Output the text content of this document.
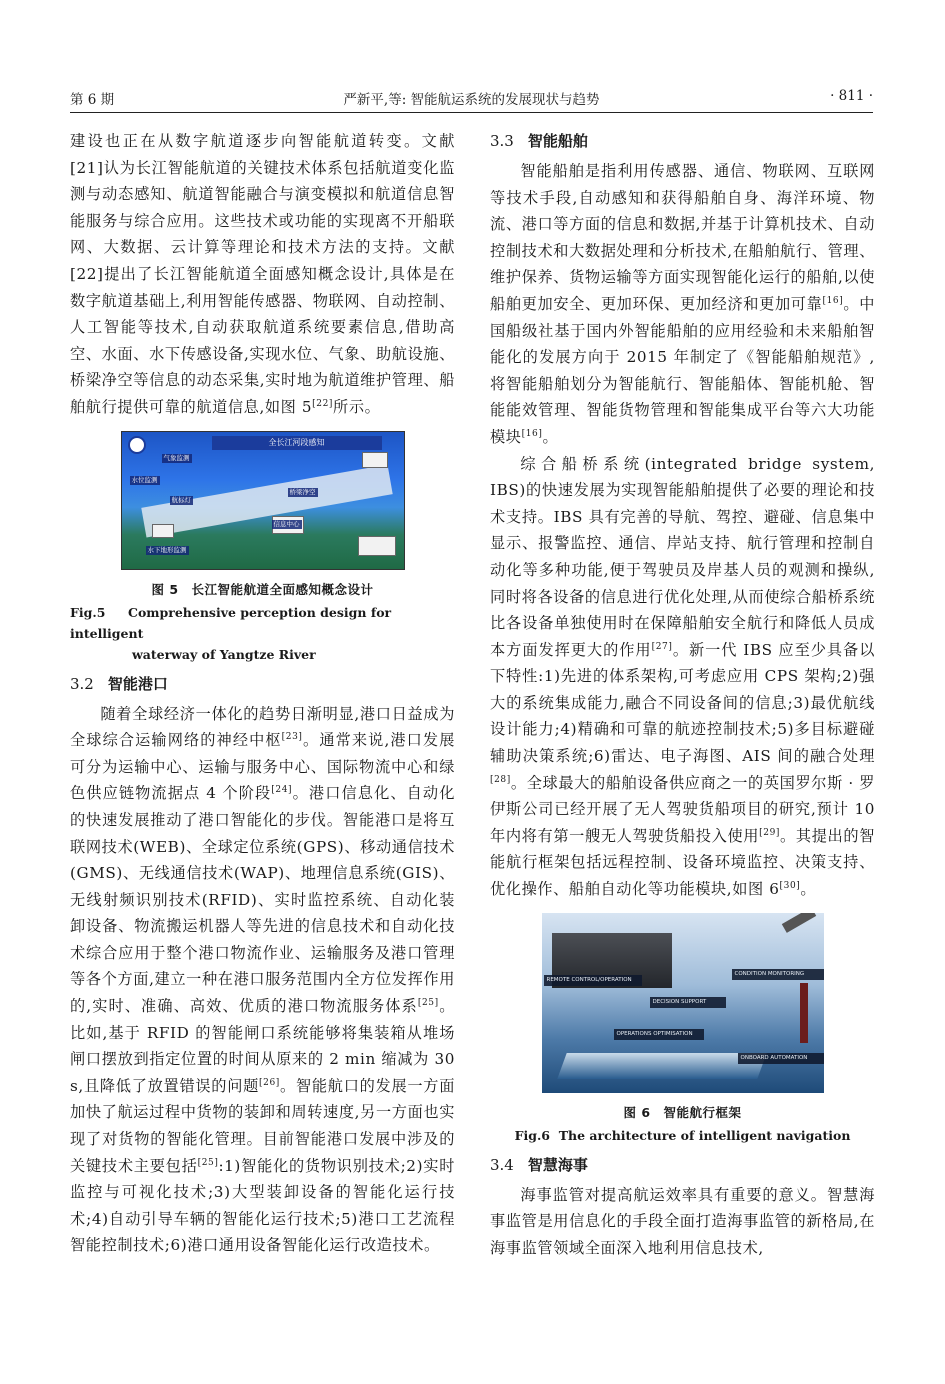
第 6 期	严新平,等: 智能航运系统的发展现状与趋势	· 811 ·

建设也正在从数字航道逐步向智能航道转变。文献 [21]认为长江智能航道的关键技术体系包括航道变化监测与动态感知、航道智能融合与演变模拟和航道信息智能服务与综合应用。这些技术或功能的实现离不开船联网、大数据、云计算等理论和技术方法的支持。文献[22]提出了长江智能航道全面感知概念设计,具体是在数字航道基础上,利用智能传感器、物联网、自动控制、人工智能等技术,自动获取航道系统要素信息,借助高空、水面、水下传感设备,实现水位、气象、助航设施、桥梁净空等信息的动态采集,实时地为航道维护管理、船舶航行提供可靠的航道信息,如图 5[22]所示。

全长江河段感知
气象监测
水位监测
航标灯
桥梁净空
信息中心
水下地形监测
图 5　长江智能航道全面感知概念设计
Fig.5 Comprehensive perception design for intelligent
waterway of Yangtze River
3.2 智能港口

随着全球经济一体化的趋势日渐明显,港口日益成为全球综合运输网络的神经中枢[23]。通常来说,港口发展可分为运输中心、运输与服务中心、国际物流中心和绿色供应链物流据点 4 个阶段[24]。港口信息化、自动化的快速发展推动了港口智能化的步伐。智能港口是将互联网技术(WEB)、全球定位系统(GPS)、移动通信技术(GMS)、无线通信技术(WAP)、地理信息系统(GIS)、无线射频识别技术(RFID)、实时监控系统、自动化装卸设备、物流搬运机器人等先进的信息技术和自动化技术综合应用于整个港口物流作业、运输服务及港口管理等各个方面,建立一种在港口服务范围内全方位发挥作用的,实时、准确、高效、优质的港口物流服务体系[25]。比如,基于 RFID 的智能闸口系统能够将集装箱从堆场闸口摆放到指定位置的时间从原来的 2 min 缩减为 30 s,且降低了放置错误的问题[26]。智能航口的发展一方面加快了航运过程中货物的装卸和周转速度,另一方面也实现了对货物的智能化管理。目前智能港口发展中涉及的关键技术主要包括[25]:1)智能化的货物识别技术;2)实时监控与可视化技术;3)大型装卸设备的智能化运行技术;4)自动引导车辆的智能化运行技术;5)港口工艺流程智能控制技术;6)港口通用设备智能化运行改造技术。

3.3 智能船舶

智能船舶是指利用传感器、通信、物联网、互联网等技术手段,自动感知和获得船舶自身、海洋环境、物流、港口等方面的信息和数据,并基于计算机技术、自动控制技术和大数据处理和分析技术,在船舶航行、管理、维护保养、货物运输等方面实现智能化运行的船舶,以使船舶更加安全、更加环保、更加经济和更加可靠[16]。中国船级社基于国内外智能船舶的应用经验和未来船舶智能化的发展方向于 2015 年制定了《智能船舶规范》,将智能船舶划分为智能航行、智能船体、智能机舱、智能能效管理、智能货物管理和智能集成平台等六大功能模块[16]。

综合船桥系统(integrated bridge system, IBS)的快速发展为实现智能船舶提供了必要的理论和技术支持。IBS 具有完善的导航、驾控、避碰、信息集中显示、报警监控、通信、岸站支持、航行管理和控制自动化等多种功能,便于驾驶员及岸基人员的观测和操纵,同时将各设备的信息进行优化处理,从而使综合船桥系统比各设备单独使用时在保障船舶安全航行和降低人员成本方面发挥更大的作用[27]。新一代 IBS 应至少具备以下特性:1)先进的体系架构,可考虑应用 CPS 架构;2)强大的系统集成能力,融合不同设备间的信息;3)最优航线设计能力;4)精确和可靠的航迹控制技术;5)多目标避碰辅助决策系统;6)雷达、电子海图、AIS 间的融合处理[28]。全球最大的船舶设备供应商之一的英国罗尔斯 · 罗伊斯公司已经开展了无人驾驶货船项目的研究,预计 10 年内将有第一艘无人驾驶货船投入使用[29]。其提出的智能航行框架包括远程控制、设备环境监控、决策支持、优化操作、船舶自动化等功能模块,如图 6[30]。

REMOTE CONTROL/OPERATION
CONDITION MONITORING
DECISION SUPPORT
OPERATIONS OPTIMISATION
ONBOARD AUTOMATION
图 6　智能航行框架
Fig.6 The architecture of intelligent navigation
3.4 智慧海事

海事监管对提高航运效率具有重要的意义。智慧海事监管是用信息化的手段全面打造海事监管的新格局,在海事监管领域全面深入地利用信息技术,
